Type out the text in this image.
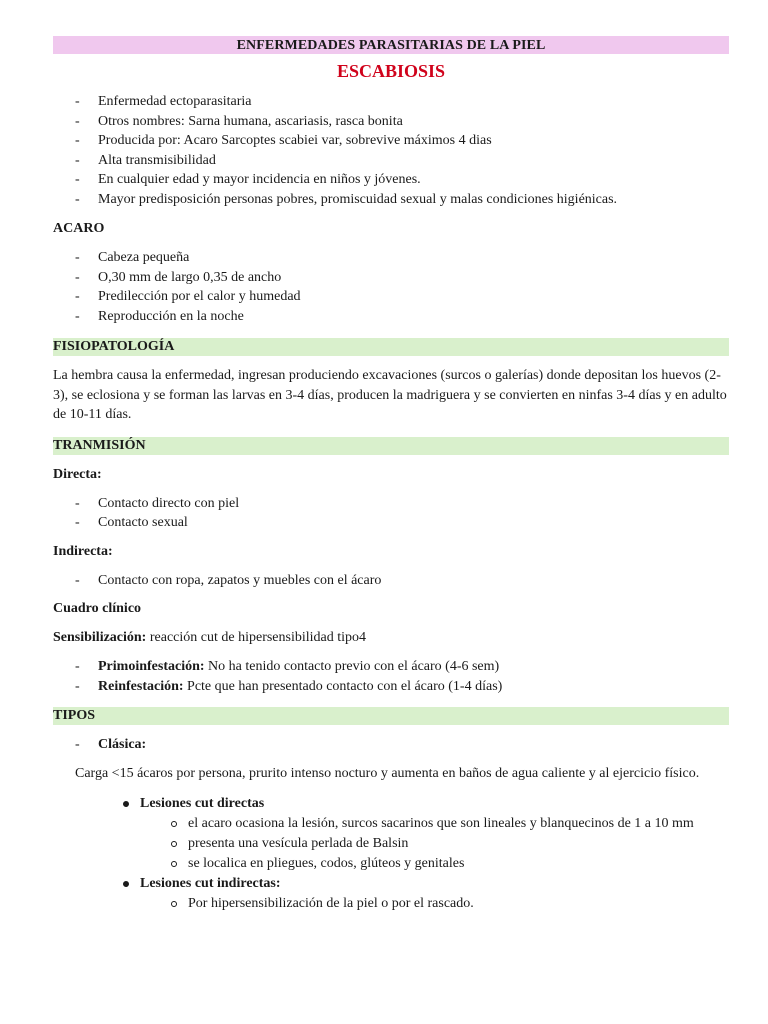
ENFERMEDADES PARASITARIAS DE LA PIEL
ESCABIOSIS
- Enfermedad ectoparasitaria
- Otros nombres: Sarna humana, ascariasis, rasca bonita
- Producida por: Acaro Sarcoptes scabiei var, sobrevive máximos 4 dias
- Alta transmisibilidad
- En cualquier edad y mayor incidencia en niños y jóvenes.
- Mayor predisposición personas pobres, promiscuidad sexual y malas condiciones higiénicas.
ACARO
- Cabeza pequeña
- O,30 mm de largo 0,35 de ancho
- Predilección por el calor y humedad
- Reproducción en la noche
FISIOPATOLOGÍA

La hembra causa la enfermedad, ingresan produciendo excavaciones (surcos o galerías) donde depositan los huevos (2-3), se eclosiona y se forman las larvas en 3-4 días, producen la madriguera y se convierten en ninfas 3-4 días y en adulto de 10-11 días.

TRANMISIÓN
Directa:
- Contacto directo con piel
- Contacto sexual
Indirecta:
- Contacto con ropa, zapatos y muebles con el ácaro
Cuadro clínico
Sensibilización: reacción cut de hipersensibilidad tipo4
- Primoinfestación: No ha tenido contacto previo con el ácaro (4-6 sem)
- Reinfestación: Pcte que han presentado contacto con el ácaro (1-4 días)
TIPOS
- Clásica:

Carga <15 ácaros por persona, prurito intenso nocturo y aumenta en baños de agua caliente y al ejercicio físico.

Lesiones cut directas
el acaro ocasiona la lesión, surcos sacarinos que son lineales y blanquecinos de 1 a 10 mm
presenta una vesícula perlada de Balsin
se localica en pliegues, codos, glúteos y genitales
Lesiones cut indirectas:
Por hipersensibilización de la piel o por el rascado.
